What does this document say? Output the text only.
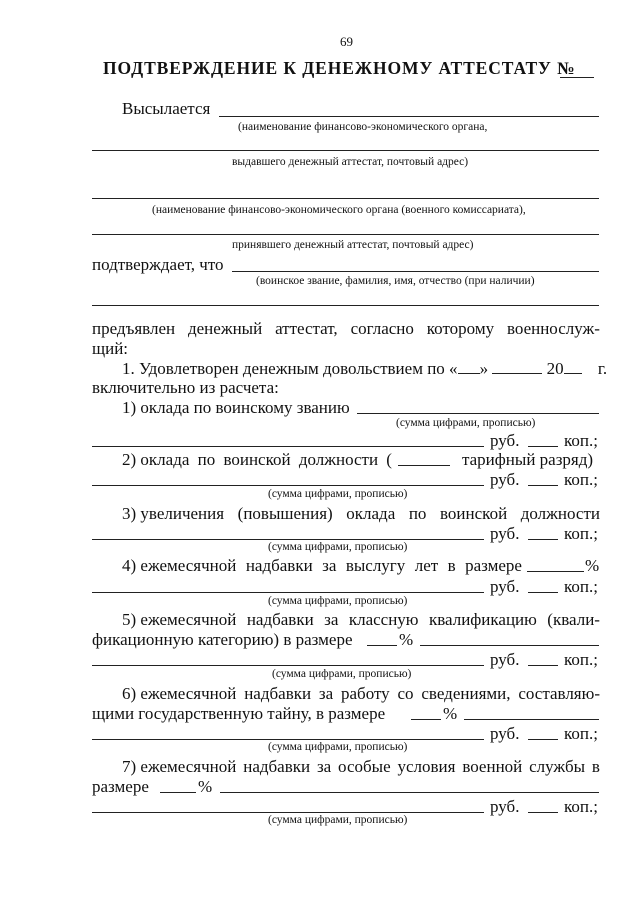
69
ПОДТВЕРЖДЕНИЕ К ДЕНЕЖНОМУ АТТЕСТАТУ №
Высылается
(наименование финансово-экономического органа,
выдавшего денежный аттестат, почтовый адрес)
(наименование финансово-экономического органа (военного комиссариата),
принявшего денежный аттестат, почтовый адрес)
подтверждает, что
(воинское звание, фамилия, имя, отчество (при наличии)
предъявлен денежный аттестат, согласно которому военнослуж-
щий:
1. Удовлетворен денежным довольствием по « »	20 г.
включительно из расчета:
1) оклада по воинскому званию
(сумма цифрами, прописью)
руб.	коп.;
2) оклада по воинской должности (	тарифный разряд)
руб.	коп.;
(сумма цифрами, прописью)
3) увеличения (повышения) оклада по воинской должности
руб.	коп.;
(сумма цифрами, прописью)
4) ежемесячной надбавки за выслугу лет в размере	%
руб.	коп.;
(сумма цифрами, прописью)
5) ежемесячной надбавки за классную квалификацию (квали-
фикационную категорию) в размере	%
руб.	коп.;
(сумма цифрами, прописью)
6) ежемесячной надбавки за работу со сведениями, составляю-
щими государственную тайну, в размере	%
руб.	коп.;
(сумма цифрами, прописью)
7) ежемесячной надбавки за особые условия военной службы в
размере	%
руб.	коп.;
(сумма цифрами, прописью)
